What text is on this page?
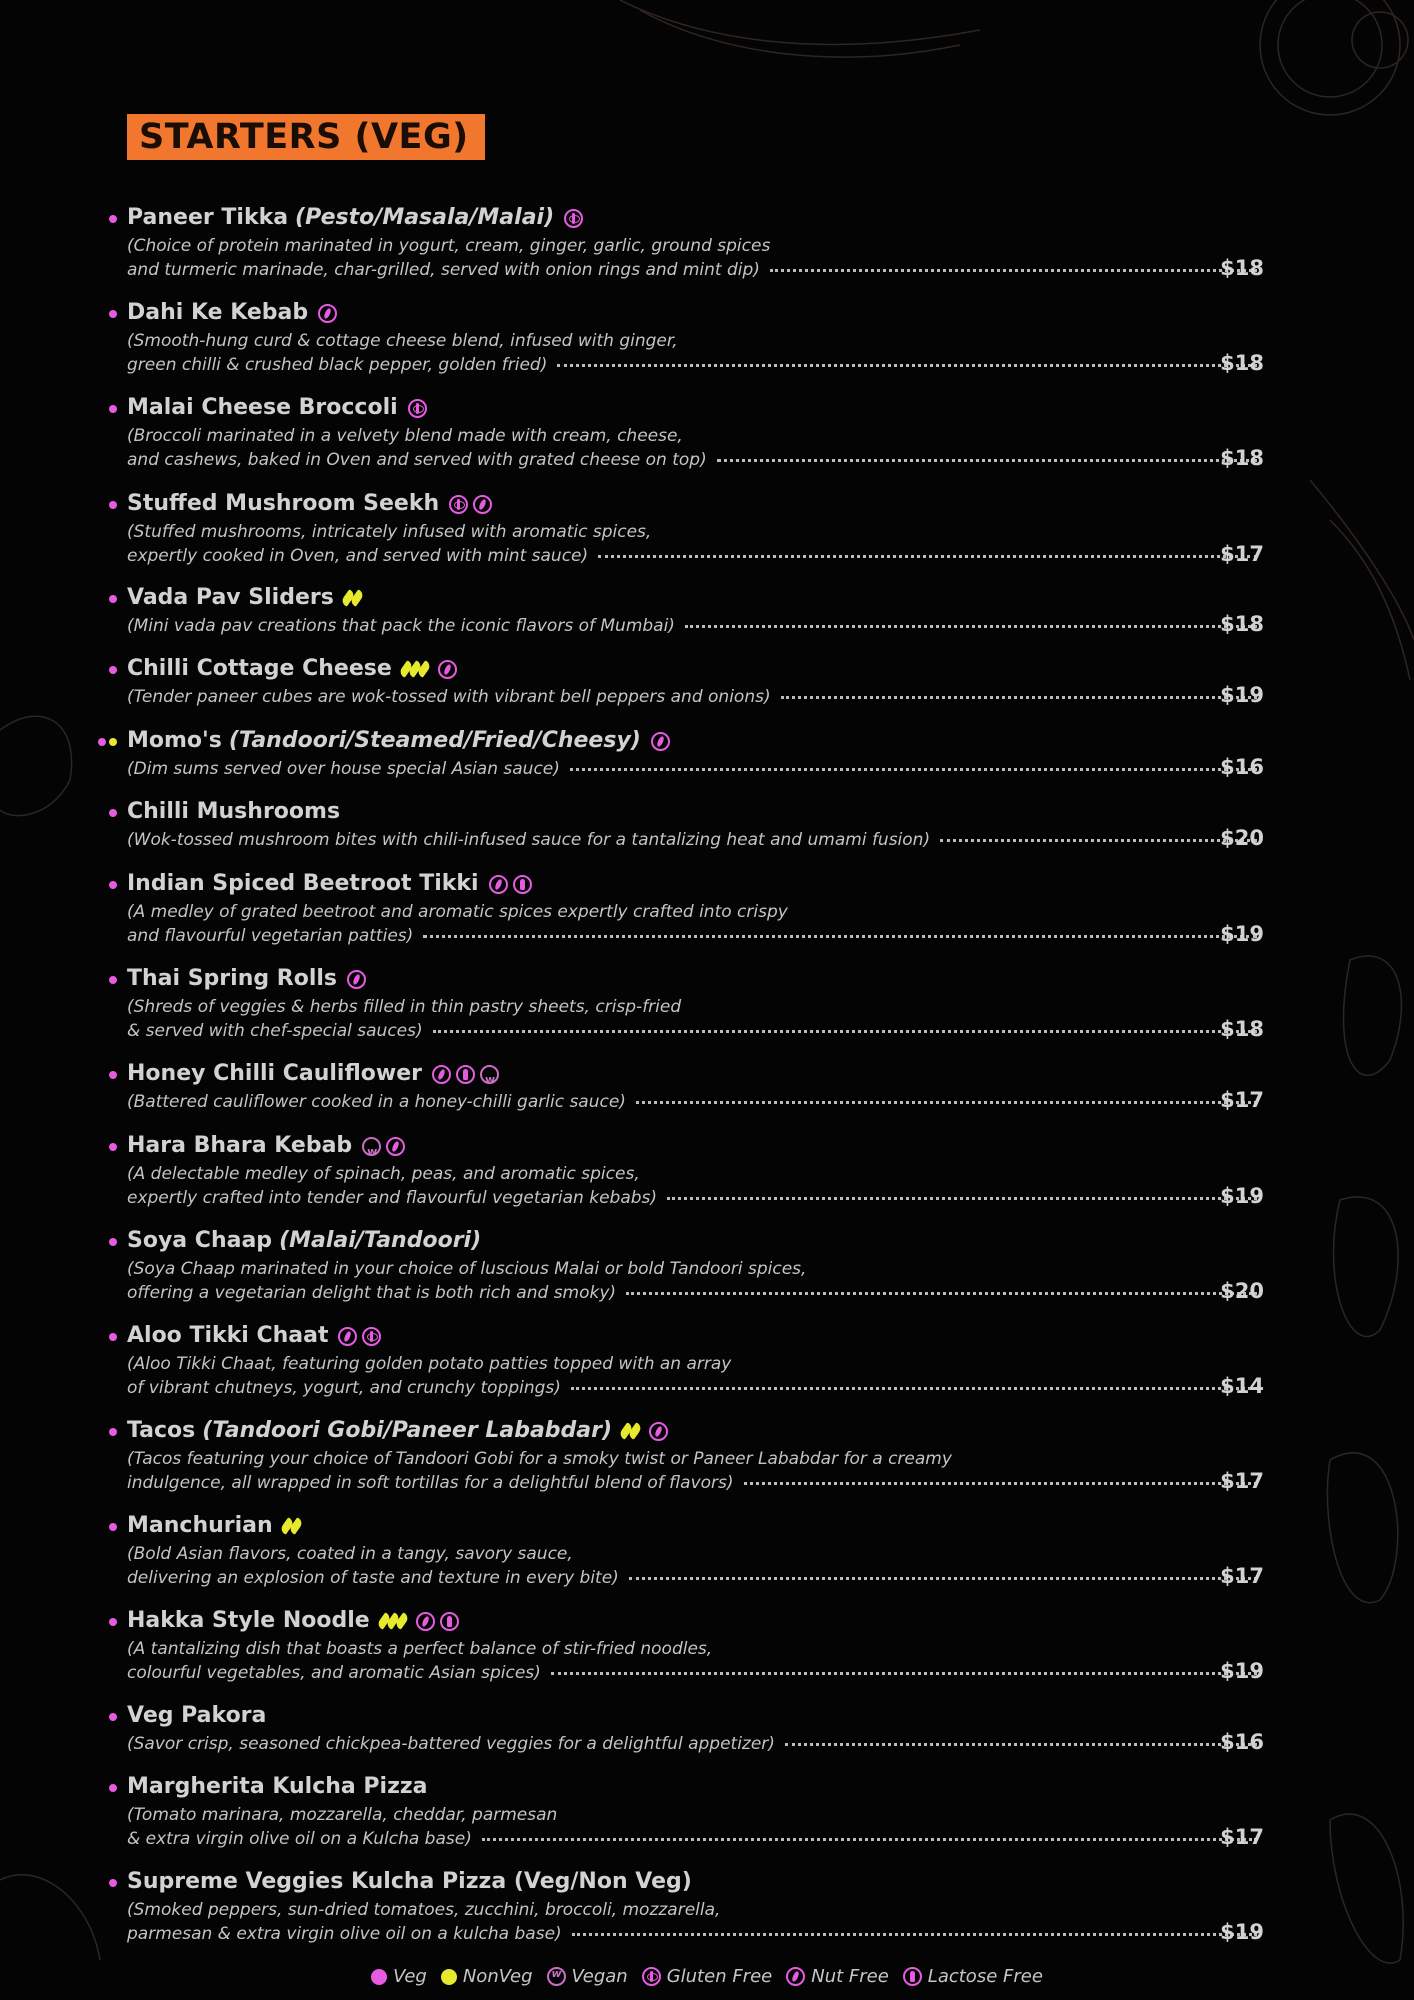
STARTERS (VEG)
Paneer Tikka (Pesto/Masala/Malai)
(Choice of protein marinated in yogurt, cream, ginger, garlic, ground spices
and turmeric marinade, char-grilled, served with onion rings and mint dip)	$18
Dahi Ke Kebab
(Smooth-hung curd & cottage cheese blend, infused with ginger,
green chilli & crushed black pepper, golden fried)	$18
Malai Cheese Broccoli
(Broccoli marinated in a velvety blend made with cream, cheese,
and cashews, baked in Oven and served with grated cheese on top)	$18
Stuffed Mushroom Seekh
(Stuffed mushrooms, intricately infused with aromatic spices,
expertly cooked in Oven, and served with mint sauce)	$17
Vada Pav Sliders
(Mini vada pav creations that pack the iconic flavors of Mumbai)	$18
Chilli Cottage Cheese
(Tender paneer cubes are wok-tossed with vibrant bell peppers and onions)	$19
Momo's (Tandoori/Steamed/Fried/Cheesy)
(Dim sums served over house special Asian sauce)	$16
Chilli Mushrooms
(Wok-tossed mushroom bites with chili-infused sauce for a tantalizing heat and umami fusion)	$20
Indian Spiced Beetroot Tikki
(A medley of grated beetroot and aromatic spices expertly crafted into crispy
and flavourful vegetarian patties)	$19
Thai Spring Rolls
(Shreds of veggies & herbs filled in thin pastry sheets, crisp-fried
& served with chef-special sauces)	$18
Honey Chilli Cauliflower
w
(Battered cauliflower cooked in a honey-chilli garlic sauce)	$17
Hara Bhara Kebab
w
(A delectable medley of spinach, peas, and aromatic spices,
expertly crafted into tender and flavourful vegetarian kebabs)	$19
Soya Chaap (Malai/Tandoori)
(Soya Chaap marinated in your choice of luscious Malai or bold Tandoori spices,
offering a vegetarian delight that is both rich and smoky)	$20
Aloo Tikki Chaat
(Aloo Tikki Chaat, featuring golden potato patties topped with an array
of vibrant chutneys, yogurt, and crunchy toppings)	$14
Tacos (Tandoori Gobi/Paneer Lababdar)
(Tacos featuring your choice of Tandoori Gobi for a smoky twist or Paneer Lababdar for a creamy
indulgence, all wrapped in soft tortillas for a delightful blend of flavors)	$17
Manchurian
(Bold Asian flavors, coated in a tangy, savory sauce,
delivering an explosion of taste and texture in every bite)	$17
Hakka Style Noodle
(A tantalizing dish that boasts a perfect balance of stir-fried noodles,
colourful vegetables, and aromatic Asian spices)	$19
Veg Pakora
(Savor crisp, seasoned chickpea-battered veggies for a delightful appetizer)	$16
Margherita Kulcha Pizza
(Tomato marinara, mozzarella, cheddar, parmesan
& extra virgin olive oil on a Kulcha base)	$17
Supreme Veggies Kulcha Pizza (Veg/Non Veg)
(Smoked peppers, sun-dried tomatoes, zucchini, broccoli, mozzarella,
parmesan & extra virgin olive oil on a kulcha base)	$19
Veg NonVeg
w Vegan Gluten Free Nut Free Lactose Free
